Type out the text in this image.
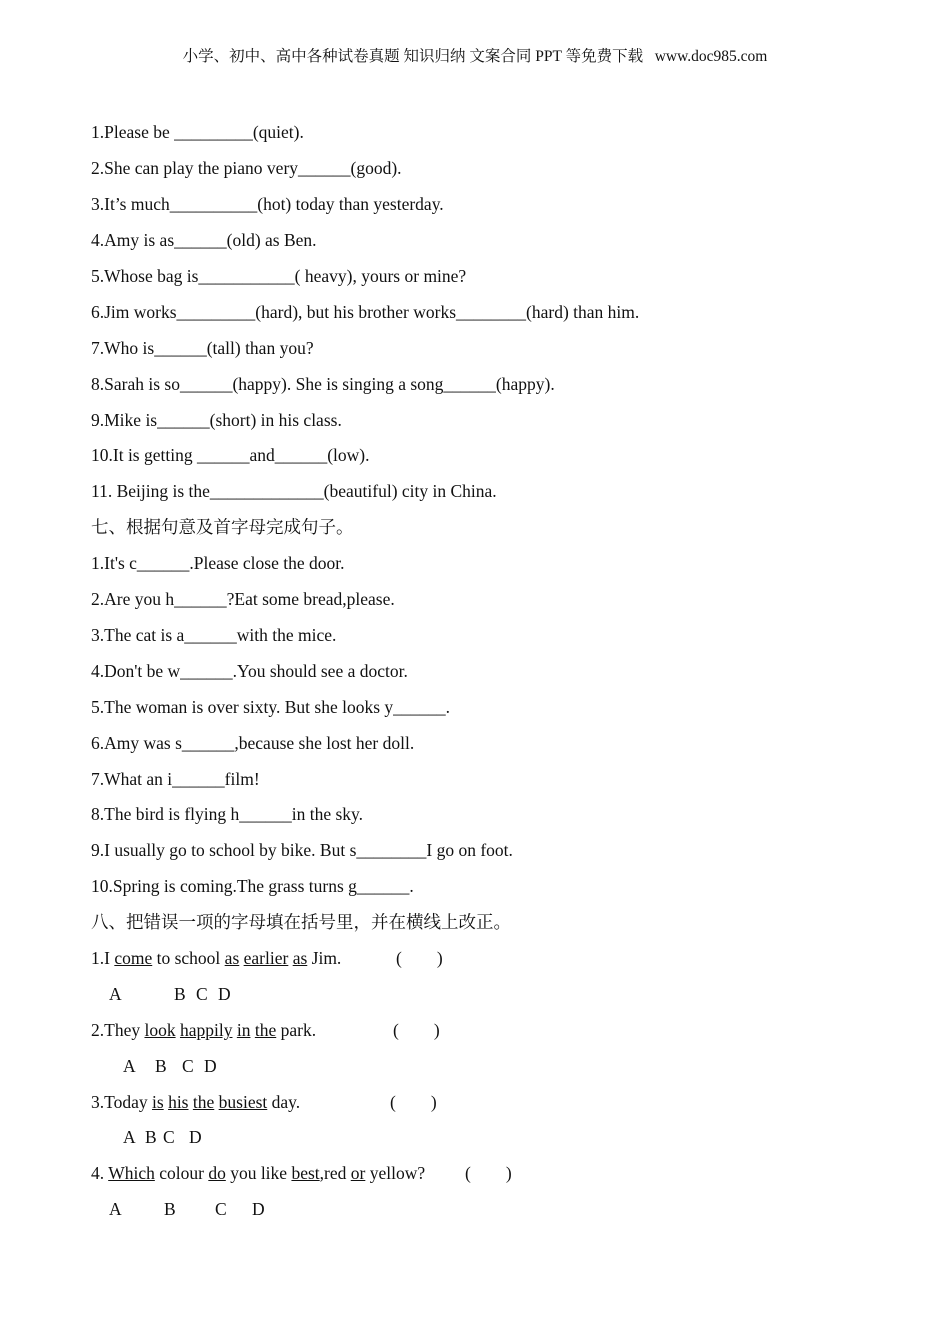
小学、初中、高中各种试卷真题 知识归纳 文案合同 PPT 等免费下载   www.doc985.com
1.Please be _________(quiet).
2.She can play the piano very______(good).
3.It’s much__________(hot) today than yesterday.
4.Amy is as______(old) as Ben.
5.Whose bag is___________( heavy), yours or mine?
6.Jim works_________(hard), but his brother works________(hard) than him.
7.Who is______(tall) than you?
8.Sarah is so______(happy). She is singing a song______(happy).
9.Mike is______(short) in his class.
10.It is getting ______and______(low).
11. Beijing is the_____________(beautiful) city in China.
七、根据句意及首字母完成句子。
1.It's c______.Please close the door.
2.Are you h______?Eat some bread,please.
3.The cat is a______with the mice.
4.Don't be w______.You should see a doctor.
5.The woman is over sixty. But she looks y______.
6.Amy was s______,because she lost her doll.
7.What an i______film!
8.The bird is flying h______in the sky.
9.I usually go to school by bike. But s________I go on foot.
10.Spring is coming.The grass turns g______.
八、把错误一项的字母填在括号里，并在横线上改正。
1.I come to school as earlier as Jim.	(        )
A	B C D
2.They look happily in the park.	(        )
A B C D
3.Today is his the busiest day.	(        )
A B C D
4. Which colour do you like best,red or yellow? (        )
A B C D
